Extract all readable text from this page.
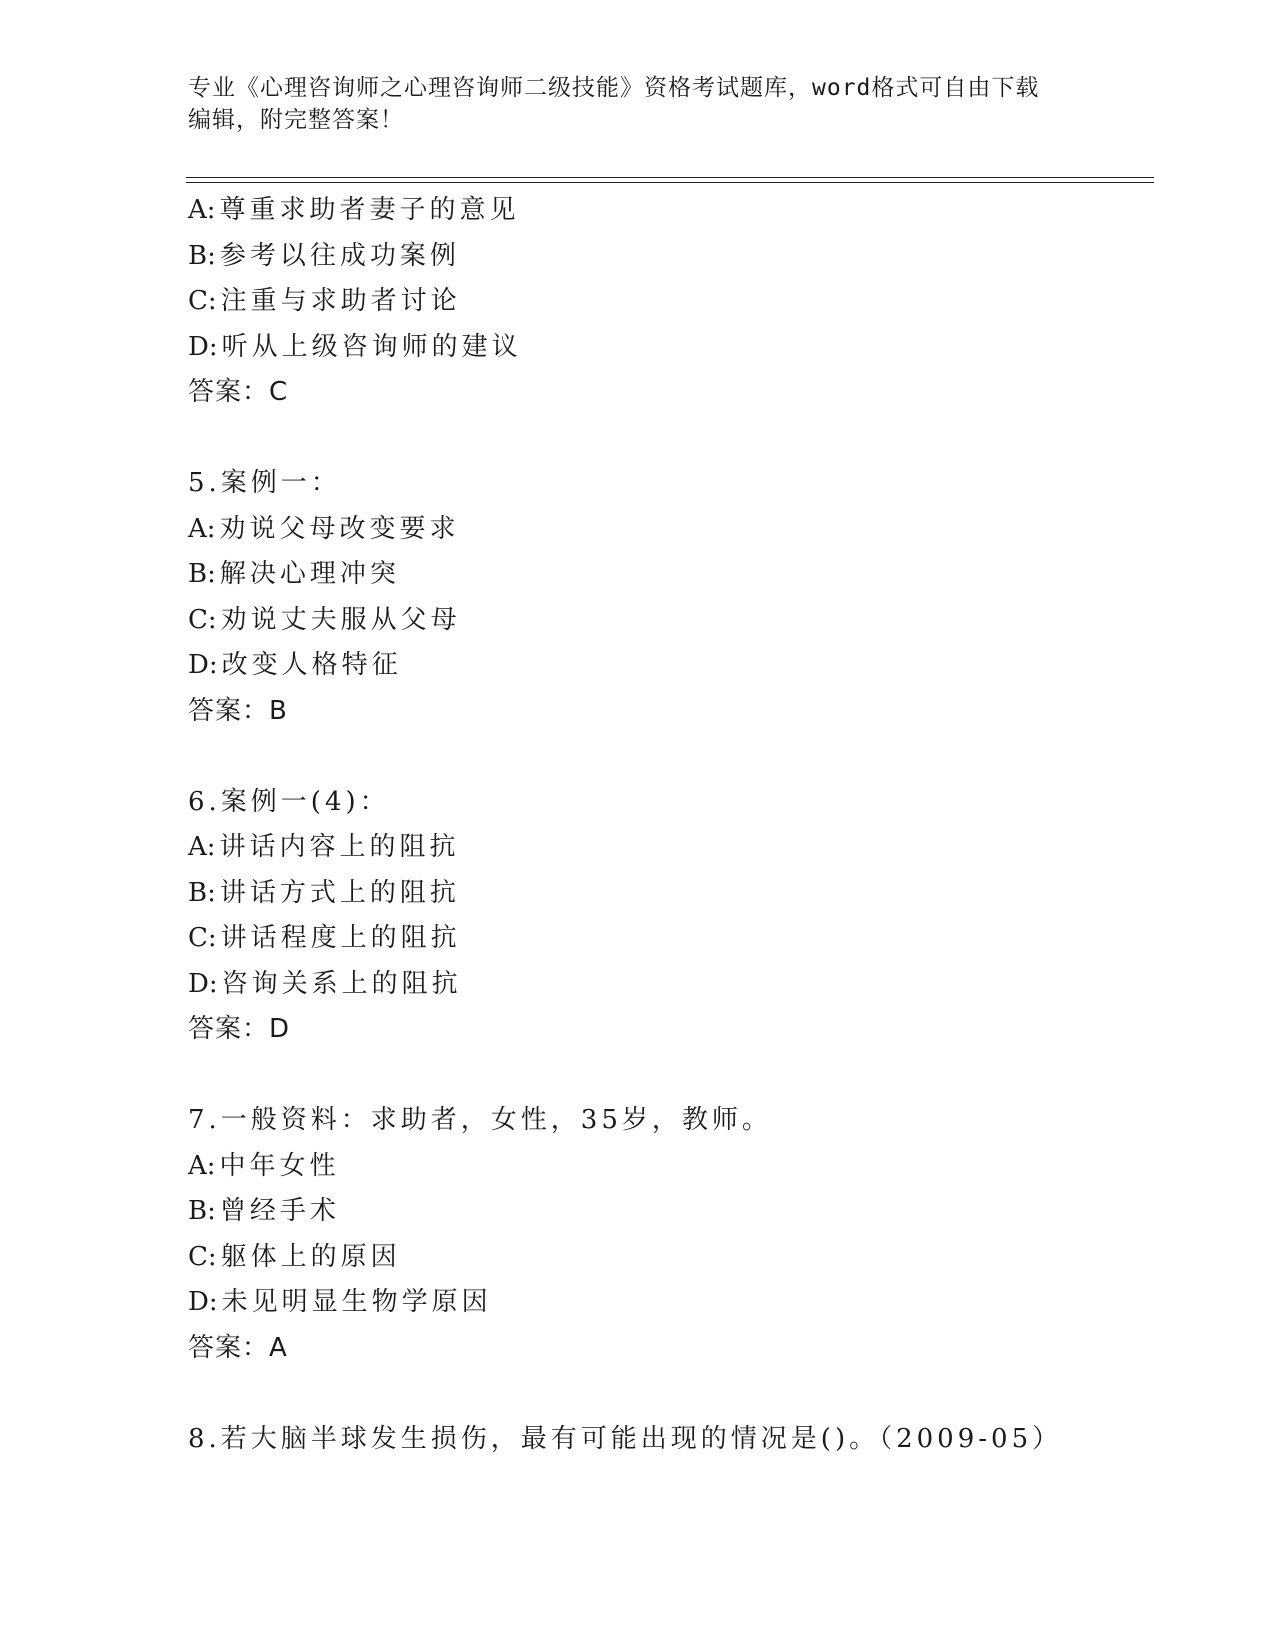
专业《心理咨询师之心理咨询师二级技能》资格考试题库，word格式可自由下载
编辑，附完整答案！
A: 尊重求助者妻子的意见
B: 参考以往成功案例
C: 注重与求助者讨论
D: 听从上级咨询师的建议
答案：C
5.案例一：
A: 劝说父母改变要求
B: 解决心理冲突
C: 劝说丈夫服从父母
D: 改变人格特征
答案：B
6.案例一(4)：
A: 讲话内容上的阻抗
B: 讲话方式上的阻抗
C: 讲话程度上的阻抗
D: 咨询关系上的阻抗
答案：D
7.一般资料：求助者，女性，35岁，教师。
A: 中年女性
B: 曾经手术
C: 躯体上的原因
D: 未见明显生物学原因
答案：A
8.若大脑半球发生损伤，最有可能出现的情况是()。（2009-05）
